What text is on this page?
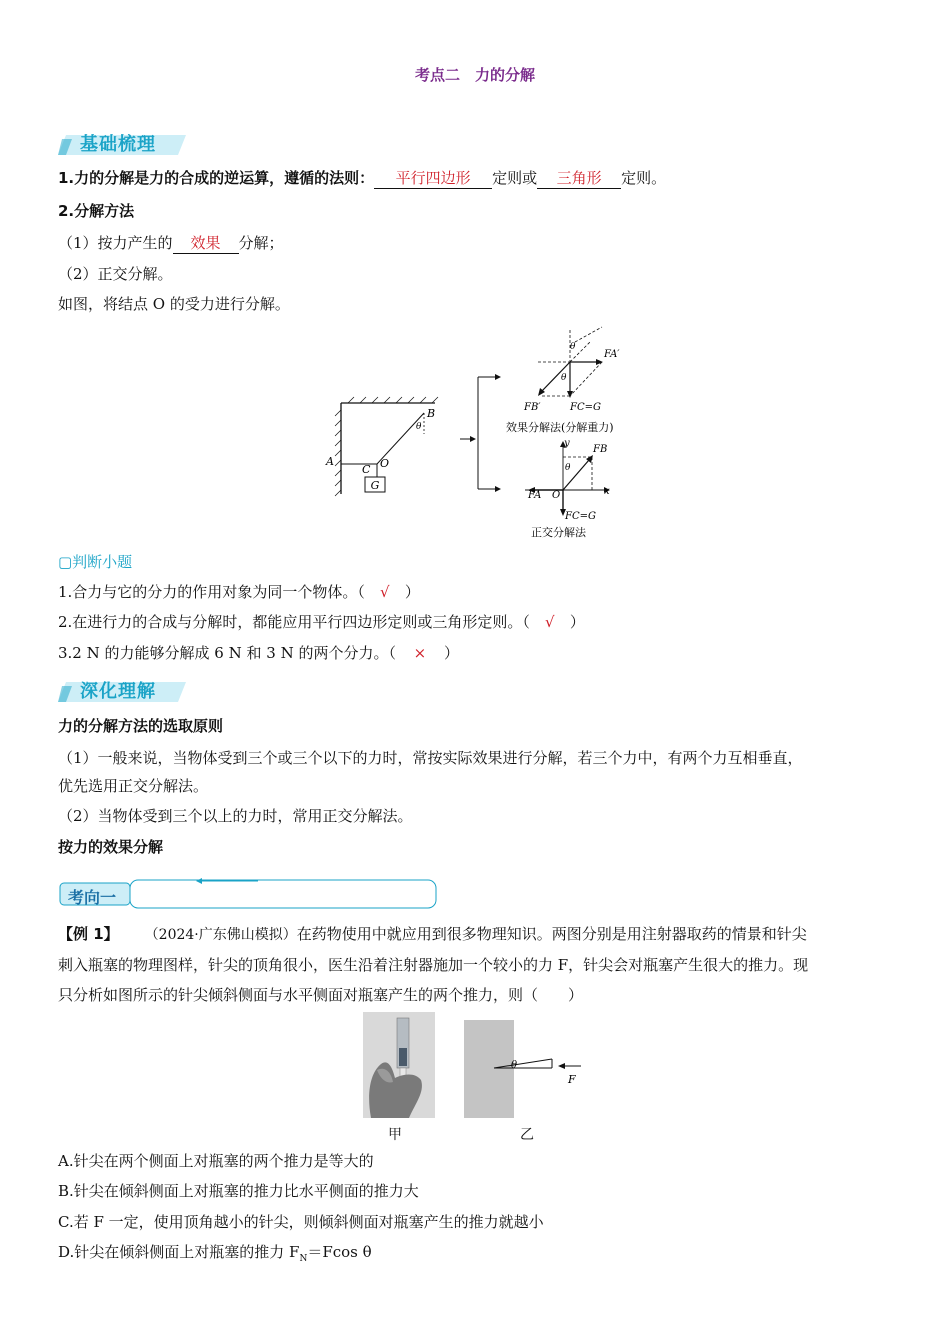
考点二　力的分解
基础梳理
1.力的分解是力的合成的逆运算，遵循的法则： 平行四边形 定则或 三角形 定则。
2.分解方法
（1）按力产生的 效果 分解；
（2）正交分解。
如图，将结点 O 的受力进行分解。
G
A
B
C O
θ
θ
θ
FA′
FB′	FC=G
效果分解法(分解重力)
θ
y
x
FB
FA O
FC=G
正交分解法
▢判断小题
1.合力与它的分力的作用对象为同一个物体。（ √ ）
2.在进行力的合成与分解时，都能应用平行四边形定则或三角形定则。（ √ ）
3.2 N 的力能够分解成 6 N 和 3 N 的两个分力。（ × ）
深化理解
力的分解方法的选取原则
（1）一般来说，当物体受到三个或三个以下的力时，常按实际效果进行分解，若三个力中，有两个力互相垂直，
优先选用正交分解法。
（2）当物体受到三个以上的力时，常用正交分解法。
按力的效果分解
考向一
【例 1】 （2024·广东佛山模拟）在药物使用中就应用到很多物理知识。两图分别是用注射器取药的情景和针尖
刺入瓶塞的物理图样，针尖的顶角很小，医生沿着注射器施加一个较小的力 F，针尖会对瓶塞产生很大的推力。现
只分析如图所示的针尖倾斜侧面与水平侧面对瓶塞产生的两个推力，则（　　）
θ
F
甲	乙
A.针尖在两个侧面上对瓶塞的两个推力是等大的
B.针尖在倾斜侧面上对瓶塞的推力比水平侧面的推力大
C.若 F 一定，使用顶角越小的针尖，则倾斜侧面对瓶塞产生的推力就越小
D.针尖在倾斜侧面上对瓶塞的推力 $F_N=Fcos$ θ
